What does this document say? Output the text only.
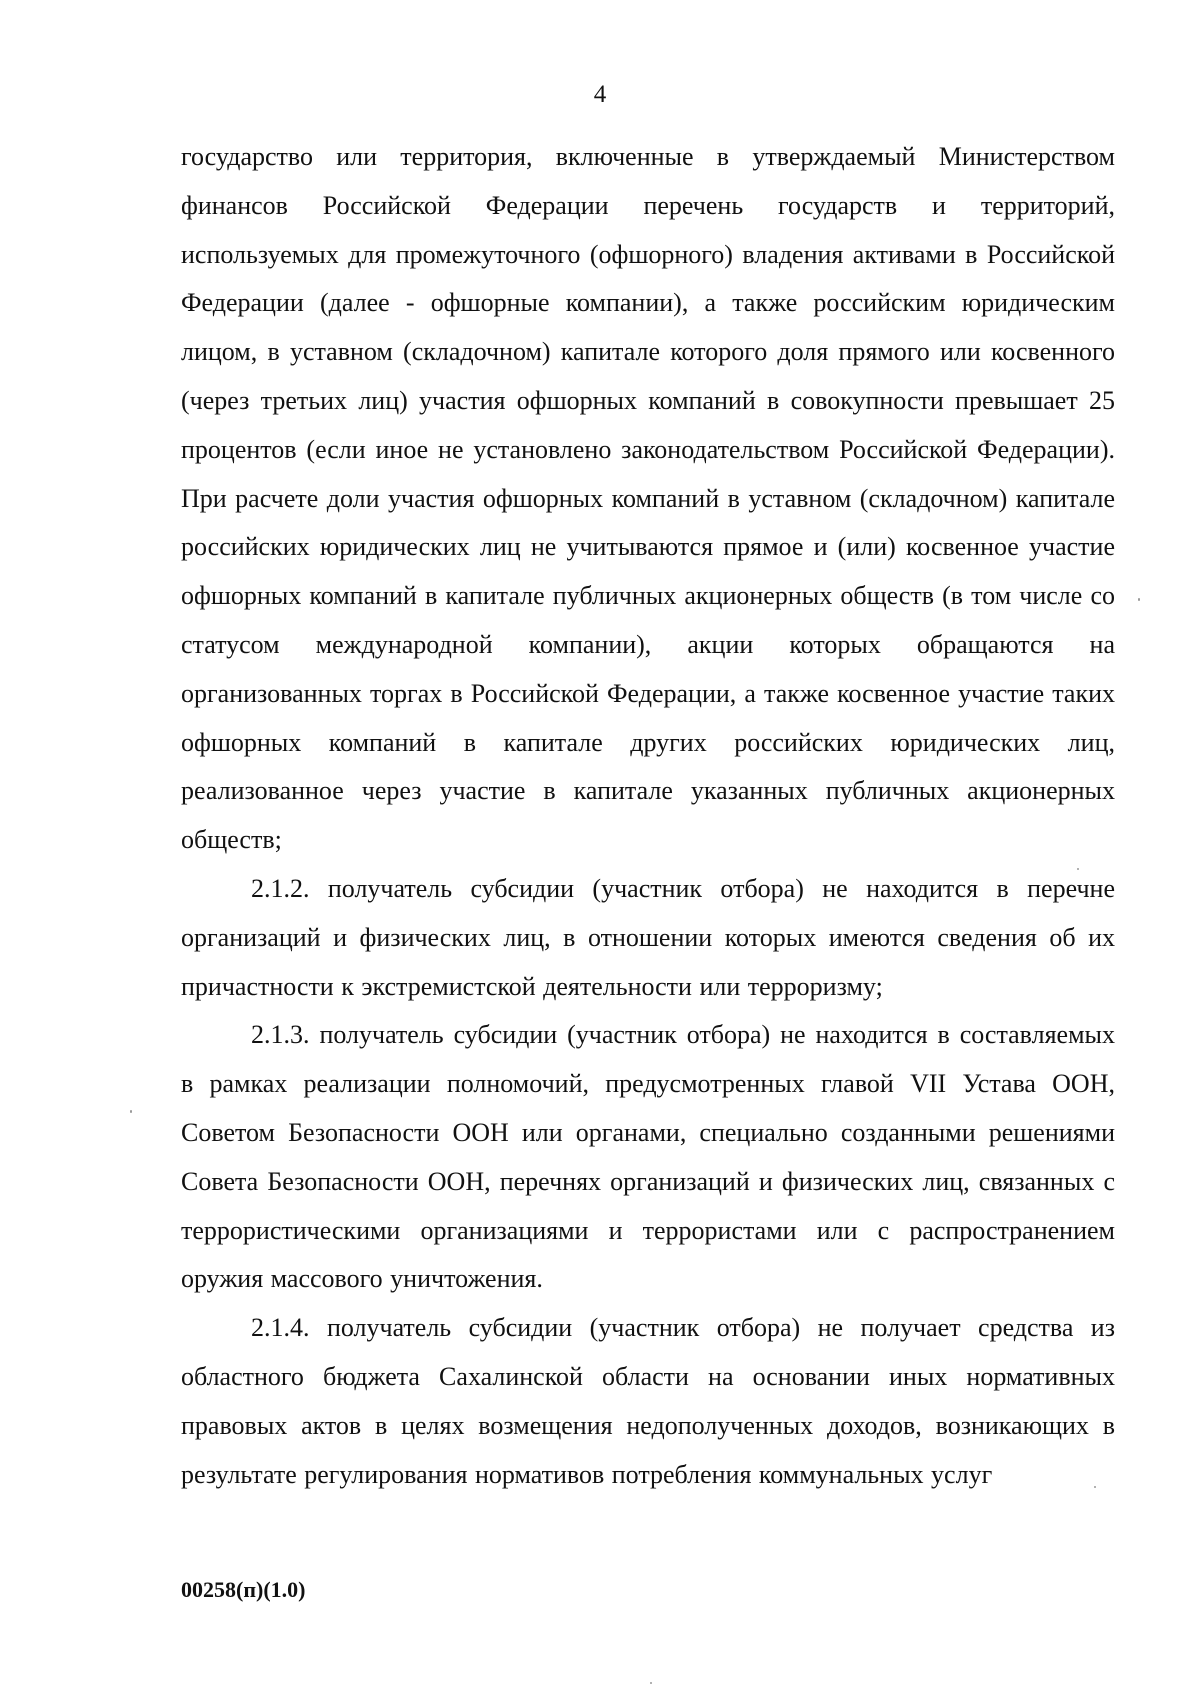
4

государство или территория, включенные в утверждаемый Министерством финансов Российской Федерации перечень государств и территорий, используемых для промежуточного (офшорного) владения активами в Российской Федерации (далее - офшорные компании), а также российским юридическим лицом, в уставном (складочном) капитале которого доля прямого или косвенного (через третьих лиц) участия офшорных компаний в совокупности превышает 25 процентов (если иное не установлено законодательством Российской Федерации). При расчете доли участия офшорных компаний в уставном (складочном) капитале российских юридических лиц не учитываются прямое и (или) косвенное участие офшорных компаний в капитале публичных акционерных обществ (в том числе со статусом международной компании), акции которых обращаются на организованных торгах в Российской Федерации, а также косвенное участие таких офшорных компаний в капитале других российских юридических лиц, реализованное через участие в капитале указанных публичных акционерных обществ;

2.1.2. получатель субсидии (участник отбора) не находится в перечне организаций и физических лиц, в отношении которых имеются сведения об их причастности к экстремистской деятельности или терроризму;

2.1.3. получатель субсидии (участник отбора) не находится в составляемых в рамках реализации полномочий, предусмотренных главой VII Устава ООН, Советом Безопасности ООН или органами, специально созданными решениями Совета Безопасности ООН, перечнях организаций и физических лиц, связанных с террористическими организациями и террористами или с распространением оружия массового уничтожения.

2.1.4. получатель субсидии (участник отбора) не получает средства из областного бюджета Сахалинской области на основании иных нормативных правовых актов в целях возмещения недополученных доходов, возникающих в результате регулирования нормативов потребления коммунальных услуг

00258(п)(1.0)
